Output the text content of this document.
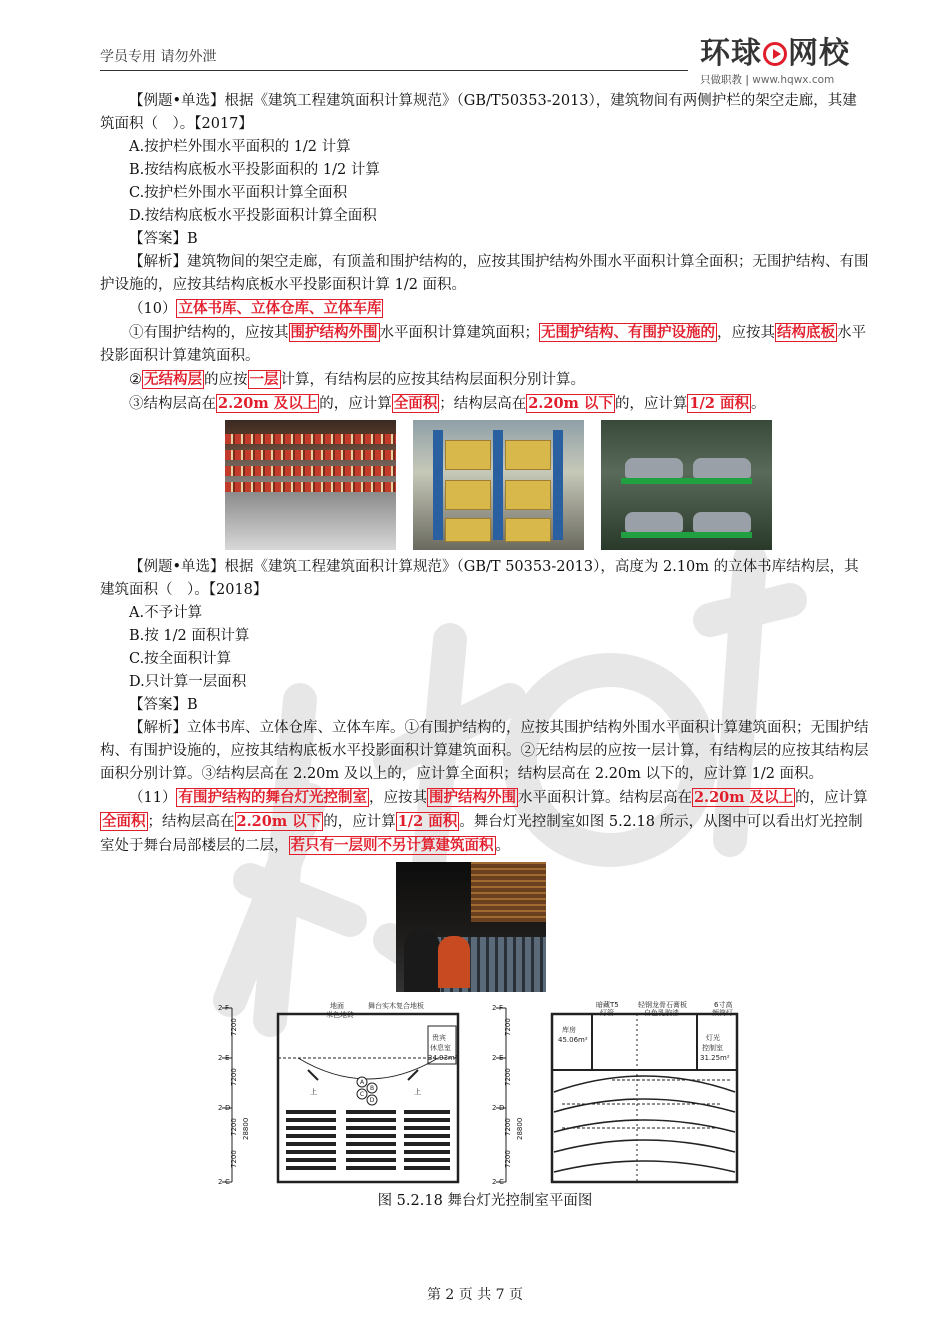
学员专用 请勿外泄	环球 网校
只做职教 | www.hqwx.com

【例题•单选】根据《建筑工程建筑面积计算规范》（GB/T50353-2013），建筑物间有两侧护栏的架空走廊，其建筑面积（　）。【2017】

A.按护栏外围水平面积的 1/2 计算

B.按结构底板水平投影面积的 1/2 计算

C.按护栏外围水平面积计算全面积

D.按结构底板水平投影面积计算全面积

【答案】B

【解析】建筑物间的架空走廊，有顶盖和围护结构的，应按其围护结构外围水平面积计算全面积；无围护结构、有围护设施的，应按其结构底板水平投影面积计算 1/2 面积。

（10） 立体书库、立体仓库、立体车库

①有围护结构的，应按其 围护结构外围 水平面积计算建筑面积； 无围护结构、有围护设施的 ，应按其 结构底板 水平投影面积计算建筑面积。

② 无结构层 的应按 一层 计算，有结构层的应按其结构层面积分别计算。

③结构层高在 2.20m 及以上 的，应计算 全面积 ；结构层高在 2.20m 以下 的，应计算 1/2 面积 。

【例题•单选】根据《建筑工程建筑面积计算规范》（GB/T 50353-2013），高度为 2.10m 的立体书库结构层，其建筑面积（　）。【2018】

A.不予计算

B.按 1/2 面积计算

C.按全面积计算

D.只计算一层面积

【答案】B

【解析】立体书库、立体仓库、立体车库。①有围护结构的，应按其围护结构外围水平面积计算建筑面积；无围护结构、有围护设施的，应按其结构底板水平投影面积计算建筑面积。②无结构层的应按一层计算，有结构层的应按其结构层面积分别计算。③结构层高在 2.20m 及以上的，应计算全面积；结构层高在 2.20m 以下的，应计算 1/2 面积。

（11） 有围护结构的舞台灯光控制室 ，应按其 围护结构外围 水平面积计算。结构层高在 2.20m 及以上 的，应计算全面积 ；结构层高在 2.20m 以下 的，应计算 1/2 面积 。舞台灯光控制室如图 5.2.18 所示，从图中可以看出灯光控制室处于舞台局部楼层的二层， 若只有一层则不另计算建筑面积 。

2-F
2-E
2-D
2-C
7200
7200
7200 28800
7200
地面
米色地砖
舞台实木复合地板
贵宾
休息室
34.93m²
上	上
A
B
C
D
2-F
2-E
2-D
2-C
7200
7200
7200 28800
7200
暗藏T5
灯管
轻钢龙骨石膏板
白色乳胶漆
6寸高
频筒灯
库房
45.06m²	灯光
控制室
31.25m²

图 5.2.18 舞台灯光控制室平面图

第 2 页 共 7 页
